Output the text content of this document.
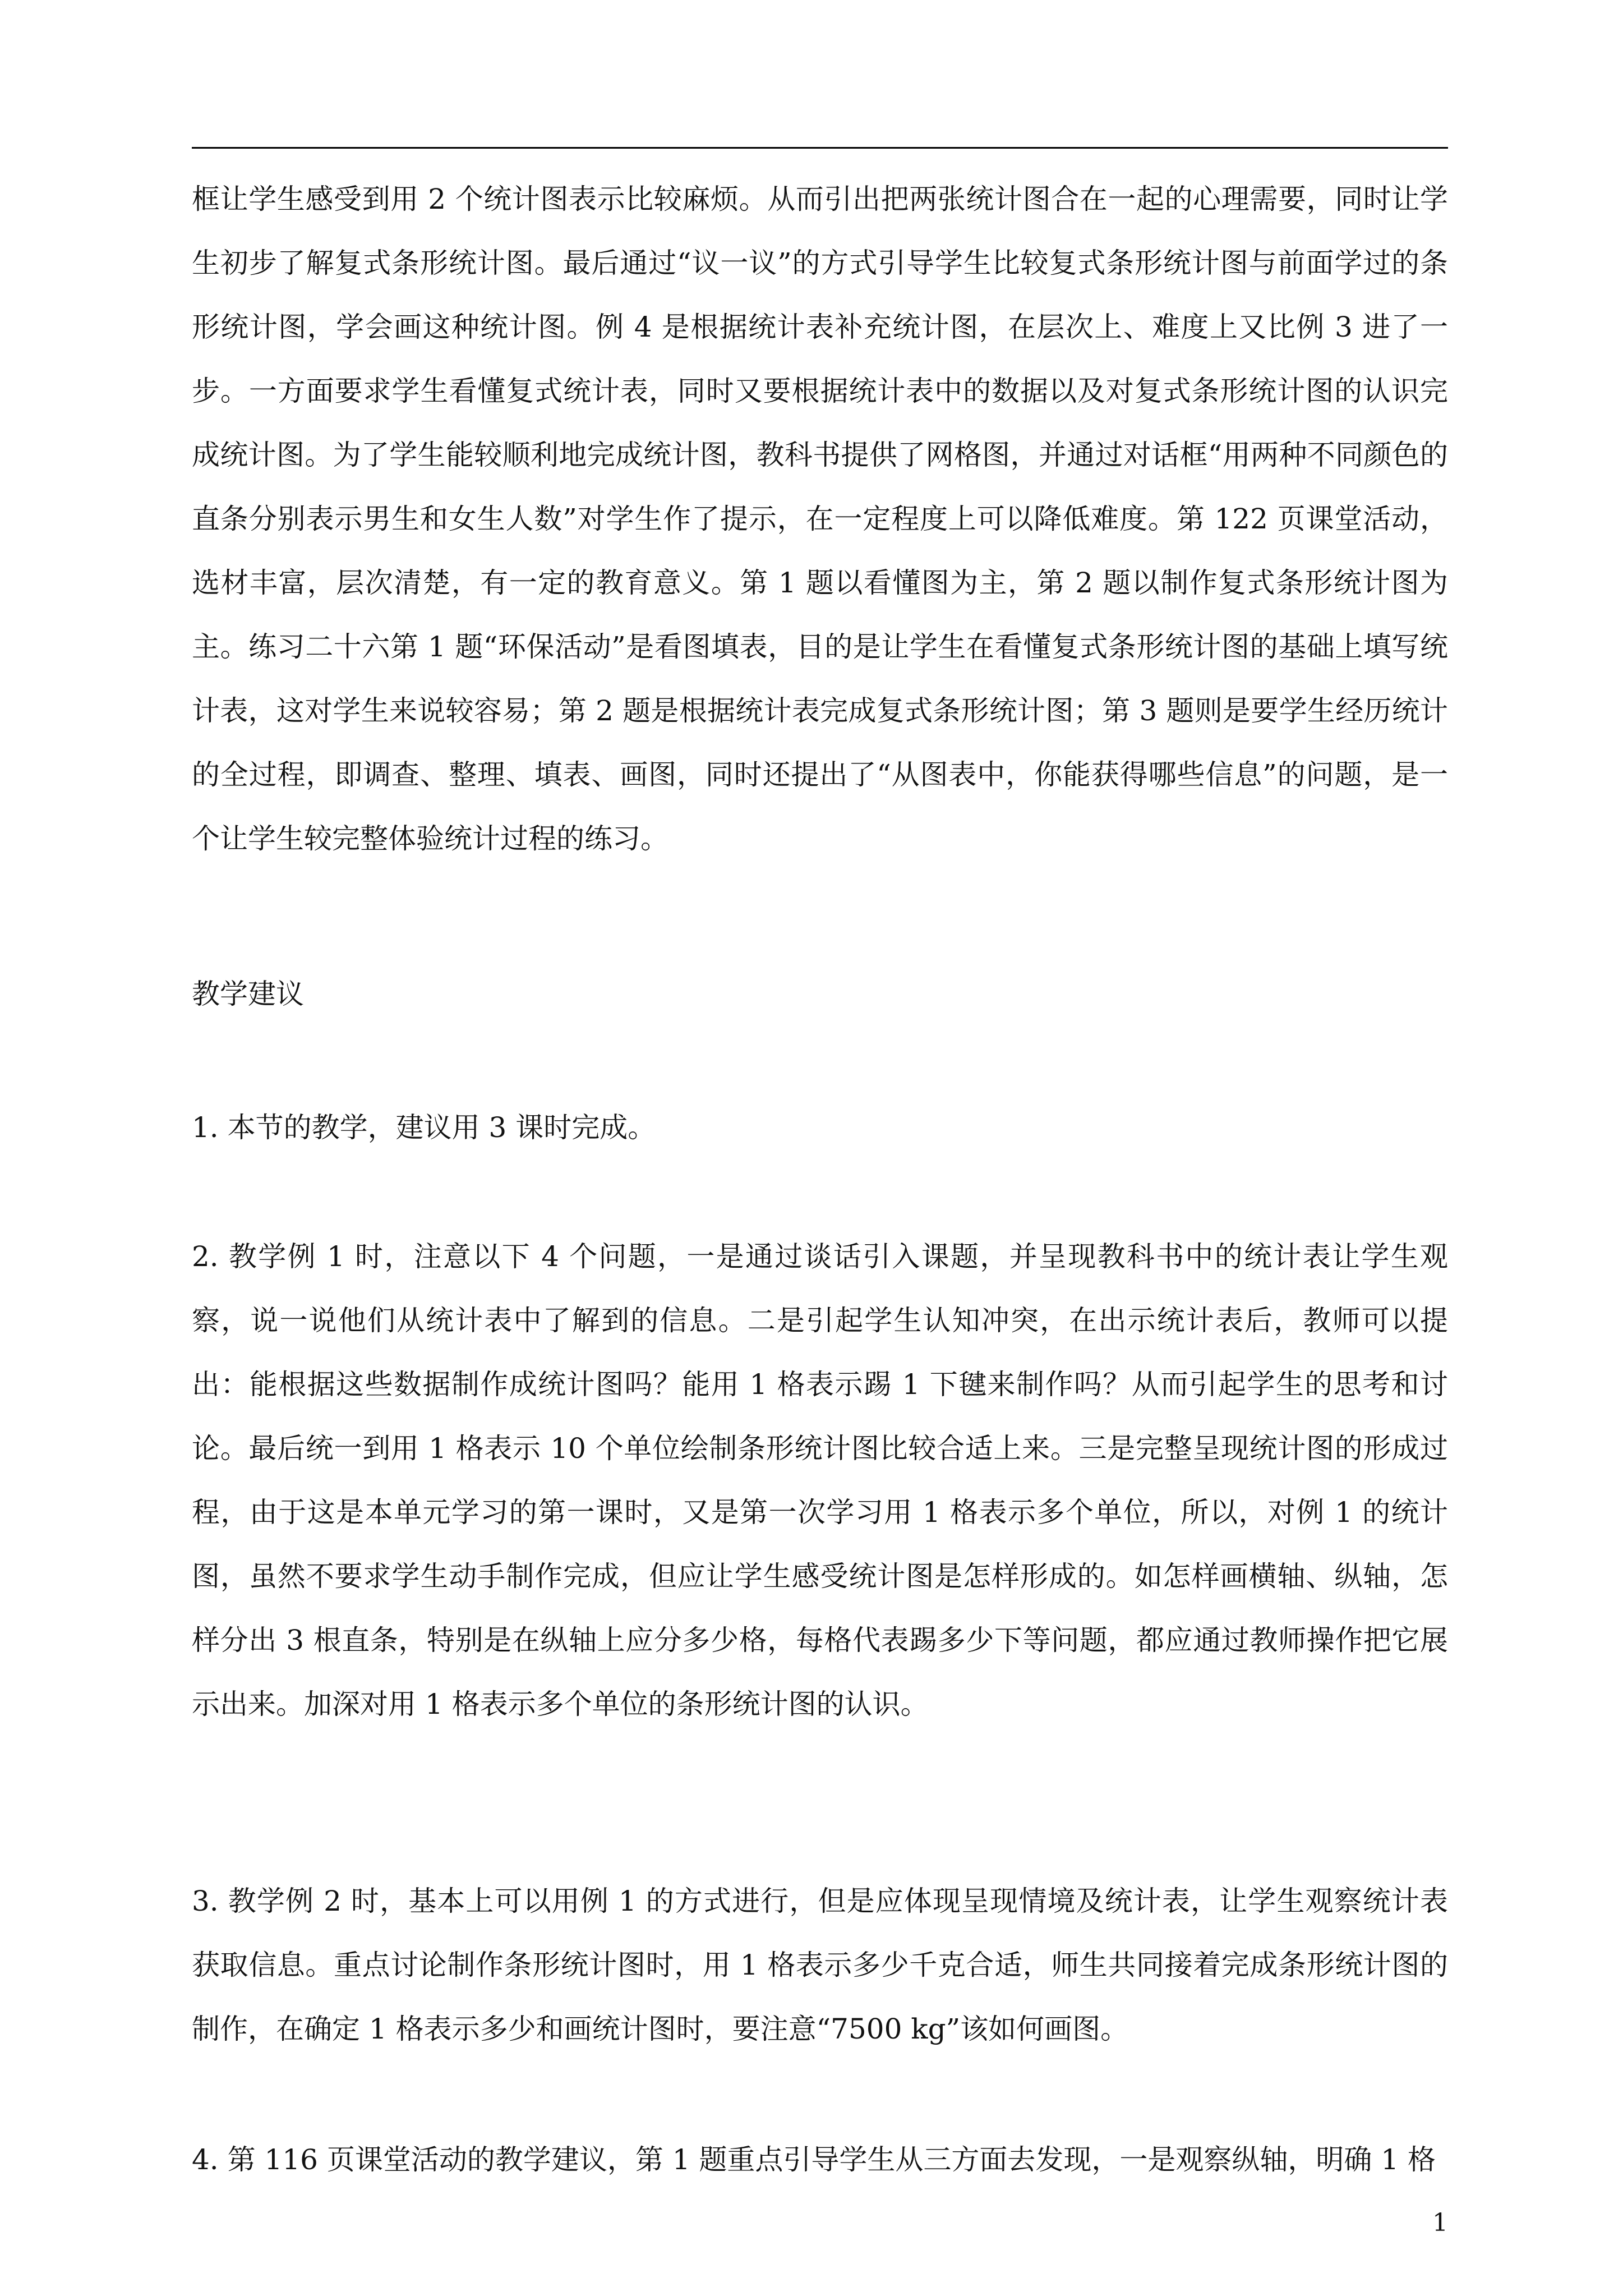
框让学生感受到用 2 个统计图表示比较麻烦。从而引出把两张统计图合在一起的心理需要，同时让学生初步了解复式条形统计图。最后通过“议一议”的方式引导学生比较复式条形统计图与前面学过的条形统计图，学会画这种统计图。例 4 是根据统计表补充统计图，在层次上、难度上又比例 3 进了一步。一方面要求学生看懂复式统计表，同时又要根据统计表中的数据以及对复式条形统计图的认识完成统计图。为了学生能较顺利地完成统计图，教科书提供了网格图，并通过对话框“用两种不同颜色的直条分别表示男生和女生人数”对学生作了提示，在一定程度上可以降低难度。第 122 页课堂活动，选材丰富，层次清楚，有一定的教育意义。第 1 题以看懂图为主，第 2 题以制作复式条形统计图为主。练习二十六第 1 题“环保活动”是看图填表，目的是让学生在看懂复式条形统计图的基础上填写统计表，这对学生来说较容易；第 2 题是根据统计表完成复式条形统计图；第 3 题则是要学生经历统计的全过程，即调查、整理、填表、画图，同时还提出了“从图表中，你能获得哪些信息”的问题，是一个让学生较完整体验统计过程的练习。

教学建议

1. 本节的教学，建议用 3 课时完成。

2. 教学例 1 时，注意以下 4 个问题，一是通过谈话引入课题，并呈现教科书中的统计表让学生观察，说一说他们从统计表中了解到的信息。二是引起学生认知冲突，在出示统计表后，教师可以提出：能根据这些数据制作成统计图吗？能用 1 格表示踢 1 下毽来制作吗？从而引起学生的思考和讨论。最后统一到用 1 格表示 10 个单位绘制条形统计图比较合适上来。三是完整呈现统计图的形成过程，由于这是本单元学习的第一课时，又是第一次学习用 1 格表示多个单位，所以，对例 1 的统计图，虽然不要求学生动手制作完成，但应让学生感受统计图是怎样形成的。如怎样画横轴、纵轴，怎样分出 3 根直条，特别是在纵轴上应分多少格，每格代表踢多少下等问题，都应通过教师操作把它展示出来。加深对用 1 格表示多个单位的条形统计图的认识。

3. 教学例 2 时，基本上可以用例 1 的方式进行，但是应体现呈现情境及统计表，让学生观察统计表获取信息。重点讨论制作条形统计图时，用 1 格表示多少千克合适，师生共同接着完成条形统计图的制作，在确定 1 格表示多少和画统计图时，要注意“7500 kg”该如何画图。

4. 第 116 页课堂活动的教学建议，第 1 题重点引导学生从三方面去发现，一是观察纵轴，明确 1 格

1
